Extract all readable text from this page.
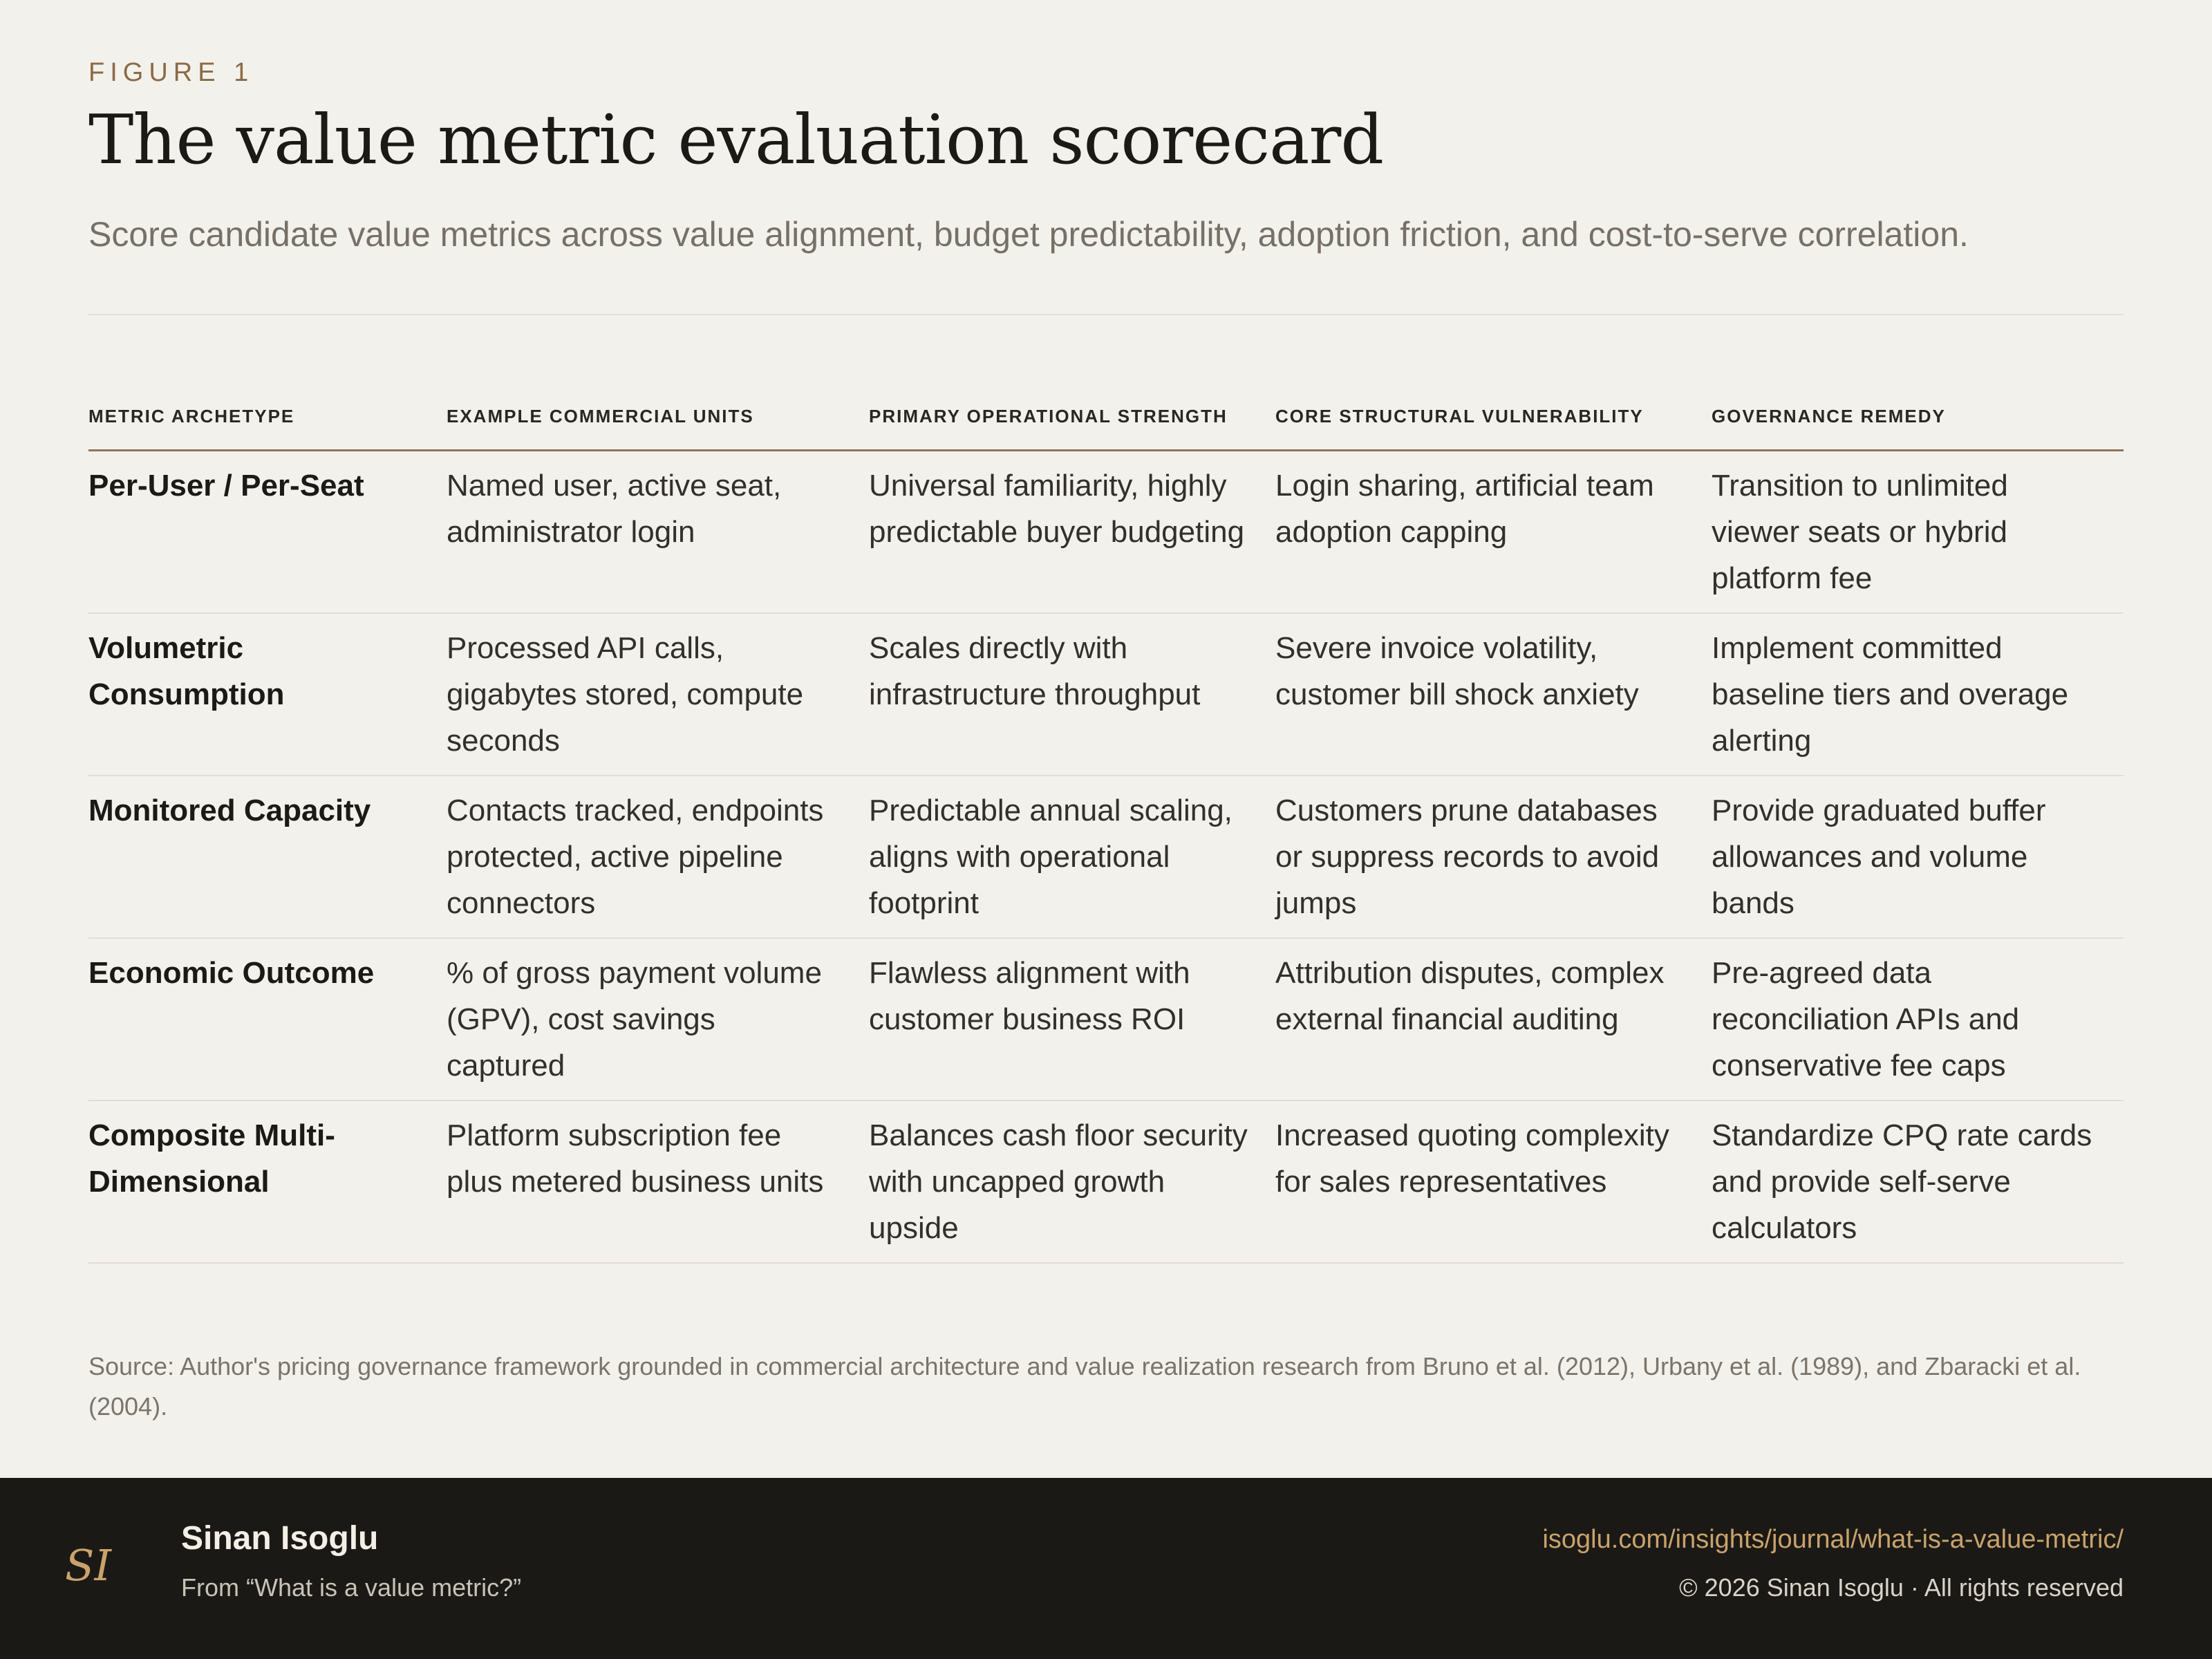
FIGURE 1
The value metric evaluation scorecard
Score candidate value metrics across value alignment, budget predictability, adoption friction, and cost-to-serve correlation.
METRIC ARCHETYPE	EXAMPLE COMMERCIAL UNITS	PRIMARY OPERATIONAL STRENGTH	CORE STRUCTURAL VULNERABILITY	GOVERNANCE REMEDY
Per-User / Per-Seat	Named user, active seat, administrator login	Universal familiarity, highly predictable buyer budgeting	Login sharing, artificial team adoption capping	Transition to unlimited viewer seats or hybrid platform fee
Volumetric Consumption	Processed API calls, gigabytes stored, compute seconds	Scales directly with infrastructure throughput	Severe invoice volatility, customer bill shock anxiety	Implement committed baseline tiers and overage alerting
Monitored Capacity	Contacts tracked, endpoints protected, active pipeline connectors	Predictable annual scaling, aligns with operational footprint	Customers prune databases or suppress records to avoid jumps	Provide graduated buffer allowances and volume bands
Economic Outcome	% of gross payment volume (GPV), cost savings captured	Flawless alignment with customer business ROI	Attribution disputes, complex external financial auditing	Pre-agreed data reconciliation APIs and conservative fee caps
Composite Multi-Dimensional	Platform subscription fee plus metered business units	Balances cash floor security with uncapped growth upside	Increased quoting complexity for sales representatives	Standardize CPQ rate cards and provide self-serve calculators
Source: Author's pricing governance framework grounded in commercial architecture and value realization research from Bruno et al. (2012), Urbany et al. (1989), and Zbaracki et al. (2004).
SI
Sinan Isoglu
From “What is a value metric?”
isoglu.com/insights/journal/what-is-a-value-metric/
© 2026 Sinan Isoglu · All rights reserved
